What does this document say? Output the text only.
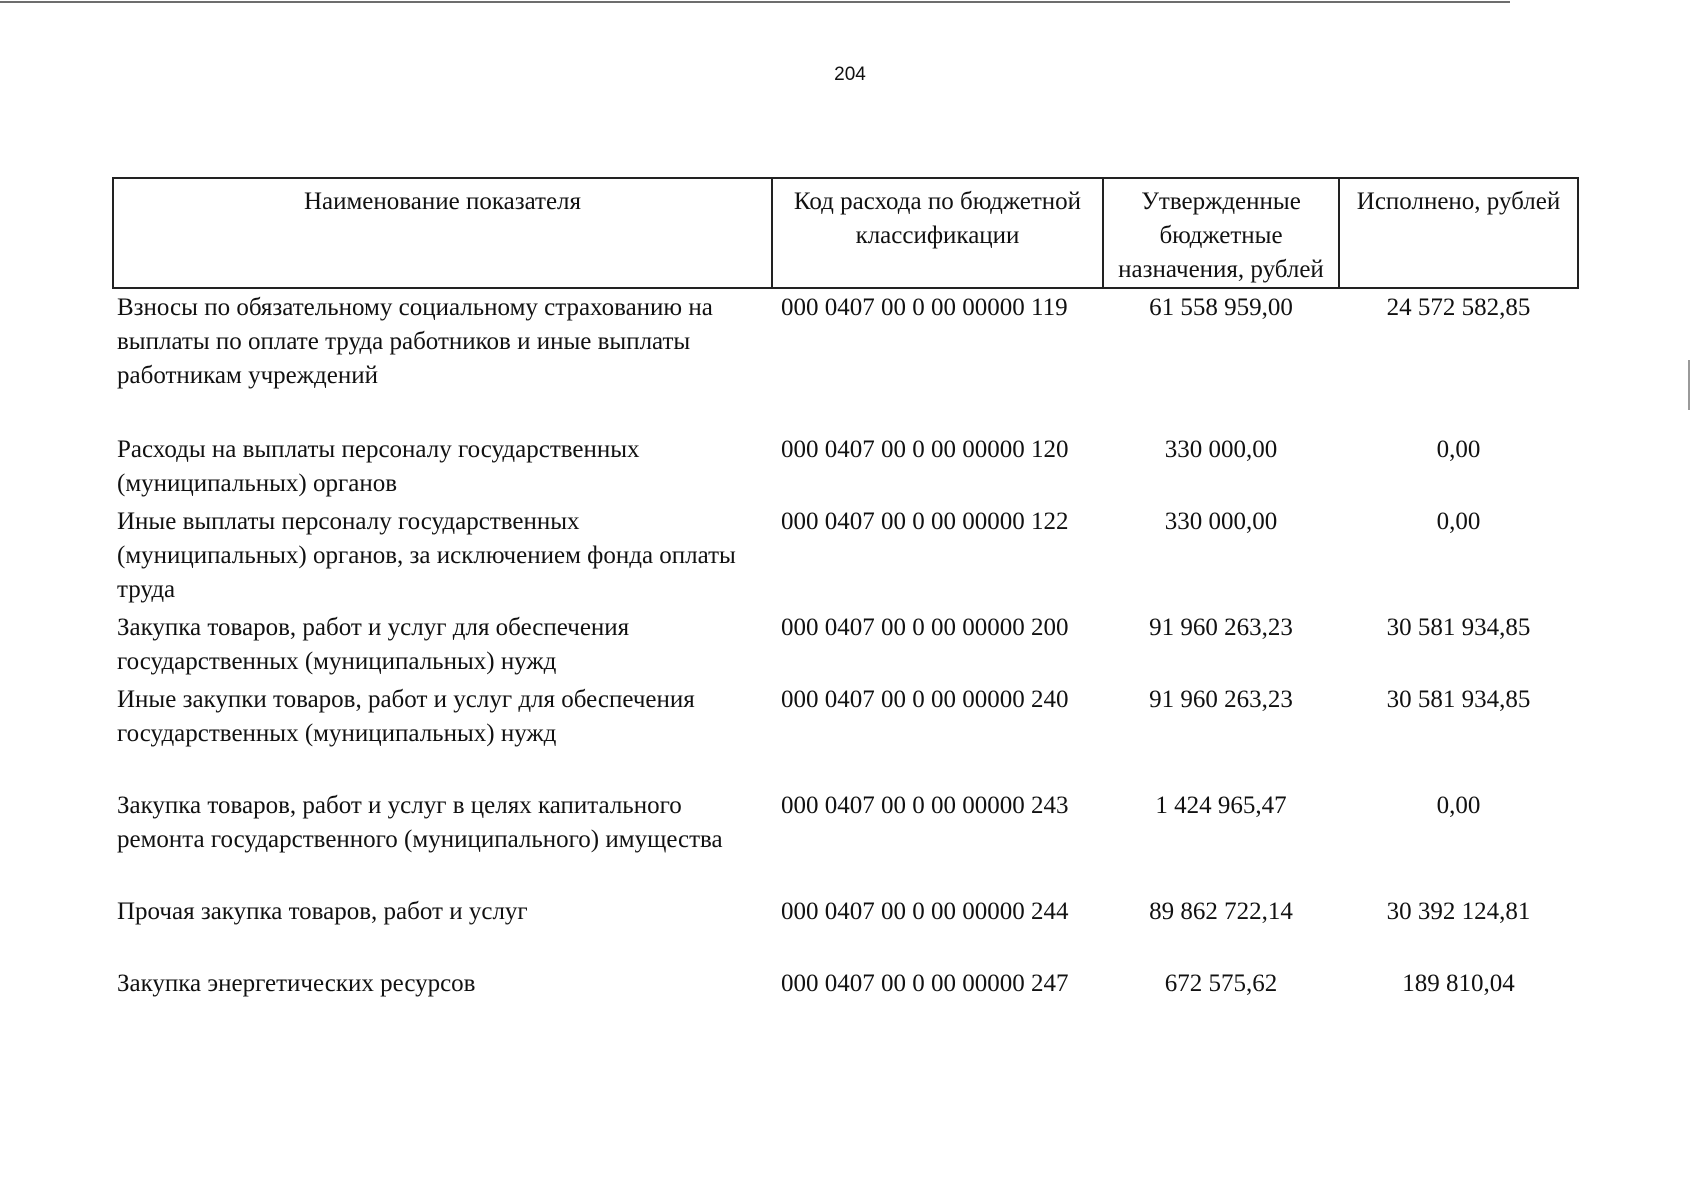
204
Наименование показателя	Код расхода по бюджетной классификации	Утвержденные бюджетные назначения, рублей	Исполнено, рублей
Взносы по обязательному социальному страхованию на выплаты по оплате труда работников и иные выплаты работникам учреждений	000 0407 00 0 00 00000 119	61 558 959,00	24 572 582,85
Расходы на выплаты персоналу государственных (муниципальных) органов	000 0407 00 0 00 00000 120	330 000,00	0,00
Иные выплаты персоналу государственных (муниципальных) органов, за исключением фонда оплаты труда	000 0407 00 0 00 00000 122	330 000,00	0,00
Закупка товаров, работ и услуг для обеспечения государственных (муниципальных) нужд	000 0407 00 0 00 00000 200	91 960 263,23	30 581 934,85
Иные закупки товаров, работ и услуг для обеспечения государственных (муниципальных) нужд	000 0407 00 0 00 00000 240	91 960 263,23	30 581 934,85
Закупка товаров, работ и услуг в целях капитального ремонта государственного (муниципального) имущества	000 0407 00 0 00 00000 243	1 424 965,47	0,00
Прочая закупка товаров, работ и услуг	000 0407 00 0 00 00000 244	89 862 722,14	30 392 124,81
Закупка энергетических ресурсов	000 0407 00 0 00 00000 247	672 575,62	189 810,04
